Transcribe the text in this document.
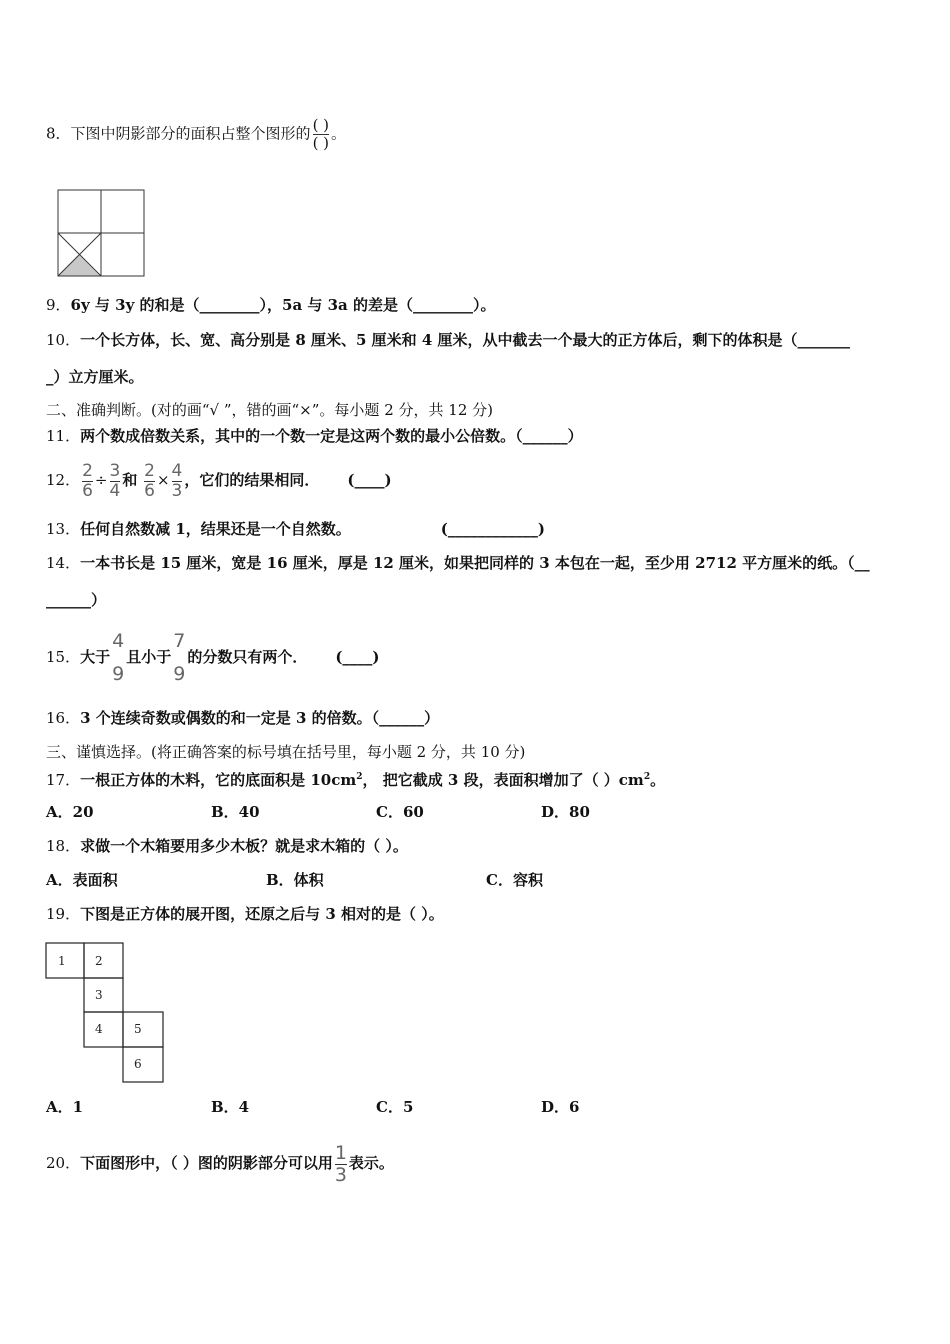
8．下图中阴影部分的面积占整个图形的 $\frac{( )}{( )}$ 。
9．6y 与 3y 的和是（________），5a 与 3a 的差是（________）。
10．一个长方体，长、宽、高分别是 8 厘米、5 厘米和 4 厘米，从中截去一个最大的正方体后，剩下的体积是（_______
_）立方厘米。
二、准确判断。(对的画“√ ”，错的画“×”。每小题 2 分，共 12 分)
11．两个数成倍数关系，其中的一个数一定是这两个数的最小公倍数。（______）
12． $\frac{2}{6} \div \frac{3}{4}$ 和 $\frac{2}{6} \times \frac{4}{3}$ ，它们的结果相同． (____)
13．任何自然数减 1，结果还是一个自然数。	(____________)
14．一本书长是 15 厘米，宽是 16 厘米，厚是 12 厘米，如果把同样的 3 本包在一起，至少用 2712 平方厘米的纸。（__
______）
15．大于
4
9
且小于
7
9
的分数只有两个． (____)
16．3 个连续奇数或偶数的和一定是 3 的倍数。（______）
三、谨慎选择。(将正确答案的标号填在括号里，每小题 2 分，共 10 分)
17．一根正方体的木料，它的底面积是 $10cm^2$， 把它截成 3 段，表面积增加了（ ）$cm^2$。
A．20	B．40	C．60	D．80
18．求做一个木箱要用多少木板？就是求木箱的（ ）。
A．表面积	B．体积	C．容积
19．下图是正方体的展开图，还原之后与 3 相对的是（ ）。
1 2
3
4	5
6
A．1	B．4	C．5	D．6
20．下面图形中，（ ）图的阴影部分可以用 $\frac{1}{3}$ 表示。
